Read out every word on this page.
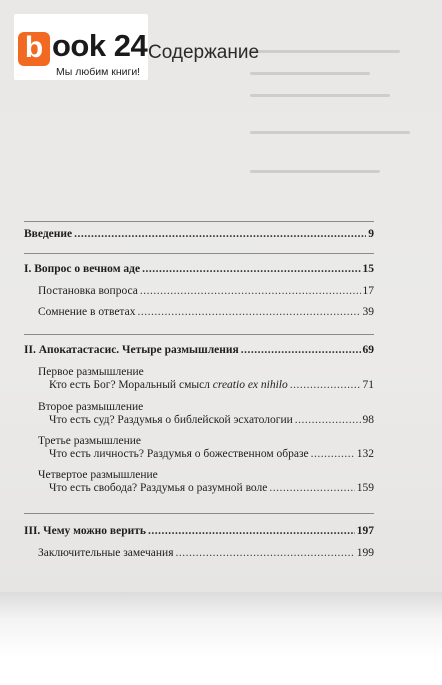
b ook 24
Мы любим книги!
Содержание
Введение .....	9
I. Вопрос о вечном аде .....	15
Постановка вопроса .....	17
Сомнение в ответах .....	39
II. Апокатастасис. Четыре размышления .....	69
Первое размышление
Кто есть Бог? Моральный смысл creatio ex nihilo .....	71
Второе размышление
Что есть суд? Раздумья о библейской эсхатологии .....	98
Третье размышление
Что есть личность? Раздумья о божественном образе .....	132
Четвертое размышление
Что есть свобода? Раздумья о разумной воле .....	159
III. Чему можно верить .....	197
Заключительные замечания .....	199
